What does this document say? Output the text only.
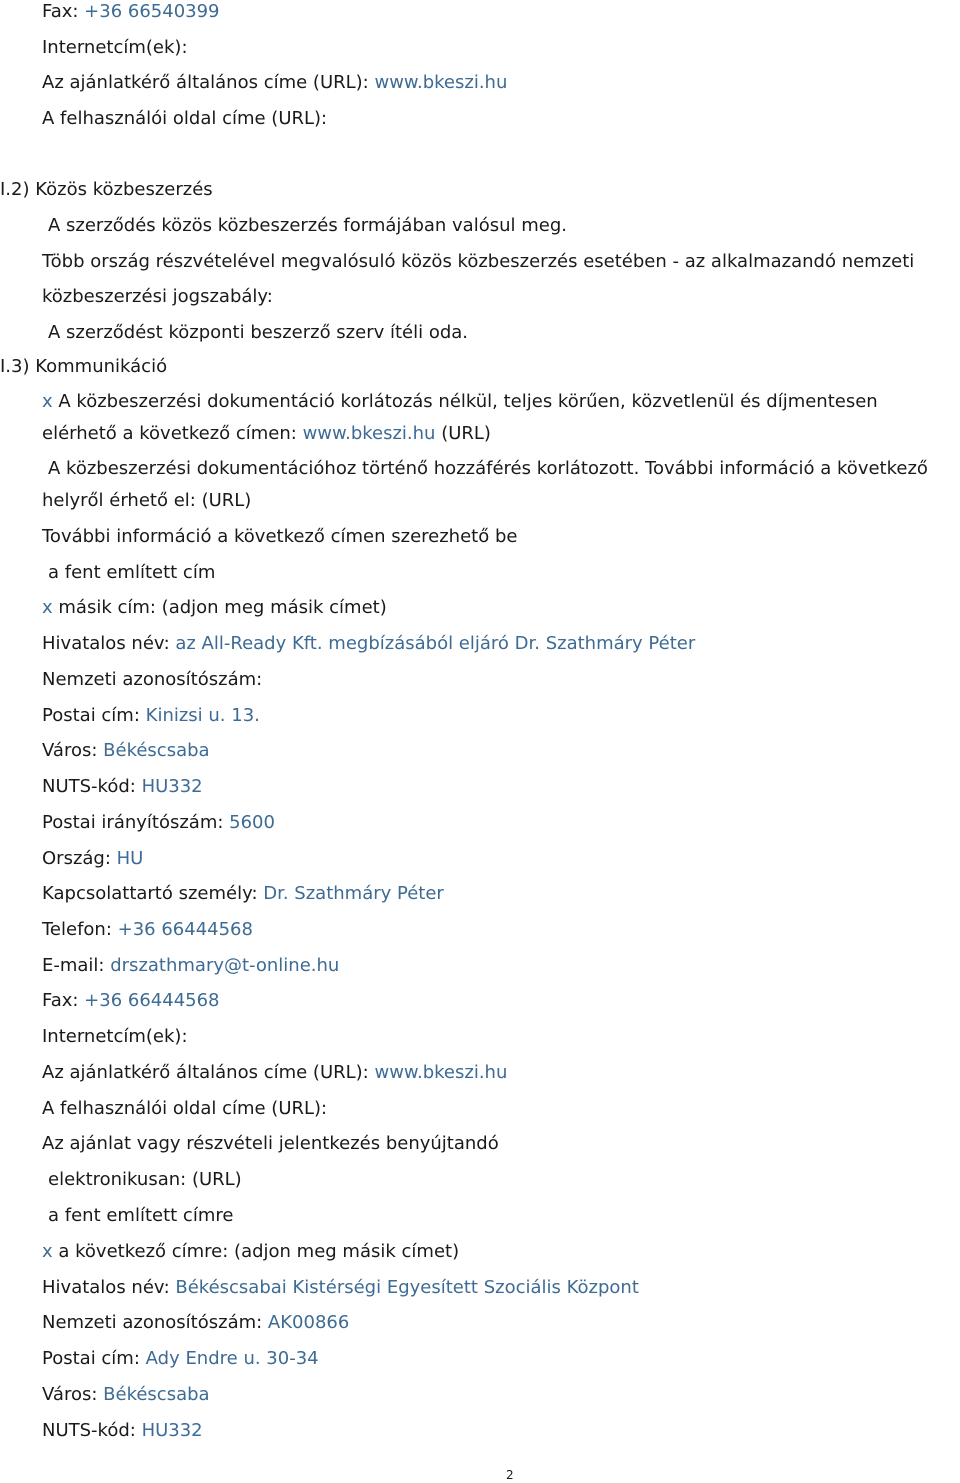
Fax: +36 66540399
Internetcím(ek):
Az ajánlatkérő általános címe (URL): www.bkeszi.hu
A felhasználói oldal címe (URL):
I.2) Közös közbeszerzés
A szerződés közös közbeszerzés formájában valósul meg.
Több ország részvételével megvalósuló közös közbeszerzés esetében - az alkalmazandó nemzeti
közbeszerzési jogszabály:
A szerződést központi beszerző szerv ítéli oda.
I.3) Kommunikáció
x A közbeszerzési dokumentáció korlátozás nélkül, teljes körűen, közvetlenül és díjmentesen
elérhető a következő címen: www.bkeszi.hu (URL)
A közbeszerzési dokumentációhoz történő hozzáférés korlátozott. További információ a következő
helyről érhető el: (URL)
További információ a következő címen szerezhető be
a fent említett cím
x másik cím: (adjon meg másik címet)
Hivatalos név: az All-Ready Kft. megbízásából eljáró Dr. Szathmáry Péter
Nemzeti azonosítószám:
Postai cím: Kinizsi u. 13.
Város: Békéscsaba
NUTS-kód: HU332
Postai irányítószám: 5600
Ország: HU
Kapcsolattartó személy: Dr. Szathmáry Péter
Telefon: +36 66444568
E-mail: drszathmary@t-online.hu
Fax: +36 66444568
Internetcím(ek):
Az ajánlatkérő általános címe (URL): www.bkeszi.hu
A felhasználói oldal címe (URL):
Az ajánlat vagy részvételi jelentkezés benyújtandó
elektronikusan: (URL)
a fent említett címre
x a következő címre: (adjon meg másik címet)
Hivatalos név: Békéscsabai Kistérségi Egyesített Szociális Központ
Nemzeti azonosítószám: AK00866
Postai cím: Ady Endre u. 30-34
Város: Békéscsaba
NUTS-kód: HU332
2
